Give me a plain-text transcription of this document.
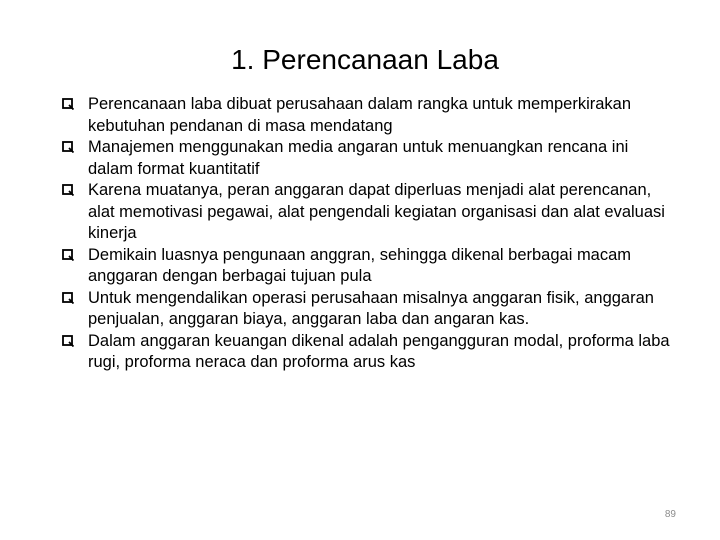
1. Perencanaan Laba
Perencanaan laba dibuat perusahaan dalam rangka untuk memperkirakan kebutuhan pendanan di masa mendatang
Manajemen menggunakan media angaran untuk menuangkan rencana ini dalam format kuantitatif
Karena muatanya, peran anggaran dapat diperluas menjadi alat perencanan, alat memotivasi pegawai, alat pengendali kegiatan organisasi dan alat evaluasi kinerja
Demikain luasnya pengunaan anggran, sehingga dikenal berbagai macam anggaran dengan berbagai tujuan pula
Untuk mengendalikan operasi perusahaan misalnya anggaran fisik, anggaran penjualan, anggaran biaya, anggaran laba dan angaran kas.
Dalam anggaran keuangan dikenal adalah pengangguran modal, proforma laba rugi, proforma neraca dan proforma arus kas
89
